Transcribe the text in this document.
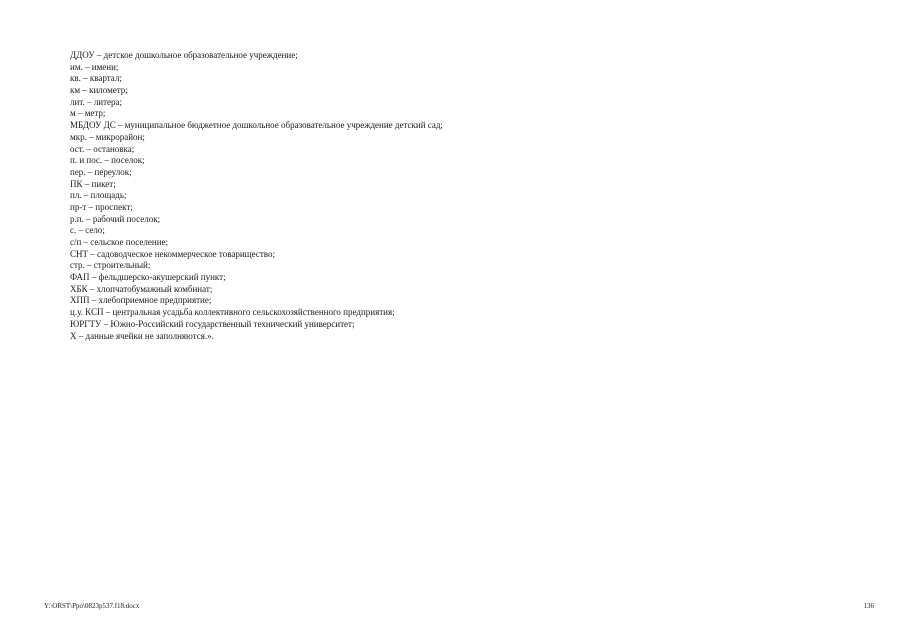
ДДОУ – детское дошкольное образовательное учреждение;
им. – имени;
кв. – квартал;
км – километр;
лит. – литера;
м – метр;
МБДОУ ДС – муниципальное бюджетное дошкольное образовательное учреждение детский сад;
мкр. – микрорайон;
ост. – остановка;
п. и пос. – поселок;
пер. – переулок;
ПК – пикет;
пл. – площадь;
пр-т – проспект;
р.п. – рабочий поселок;
с. – село;
с/п – сельское поселение;
СНТ – садоводческое некоммерческое товарищество;
стр. – строительный;
ФАП – фельдшерско-акушерский пункт;
ХБК – хлопчатобумажный комбинат;
ХПП – хлебоприемное предприятие;
ц.у. КСП – центральная усадьба коллективного сельскохозяйственного предприятия;
ЮРГТУ – Южно-Российский государственный технический университет;
Х – данные ячейки не заполняются.».
Y:\ORST\Ppo\0823p537.f18.docx	136
